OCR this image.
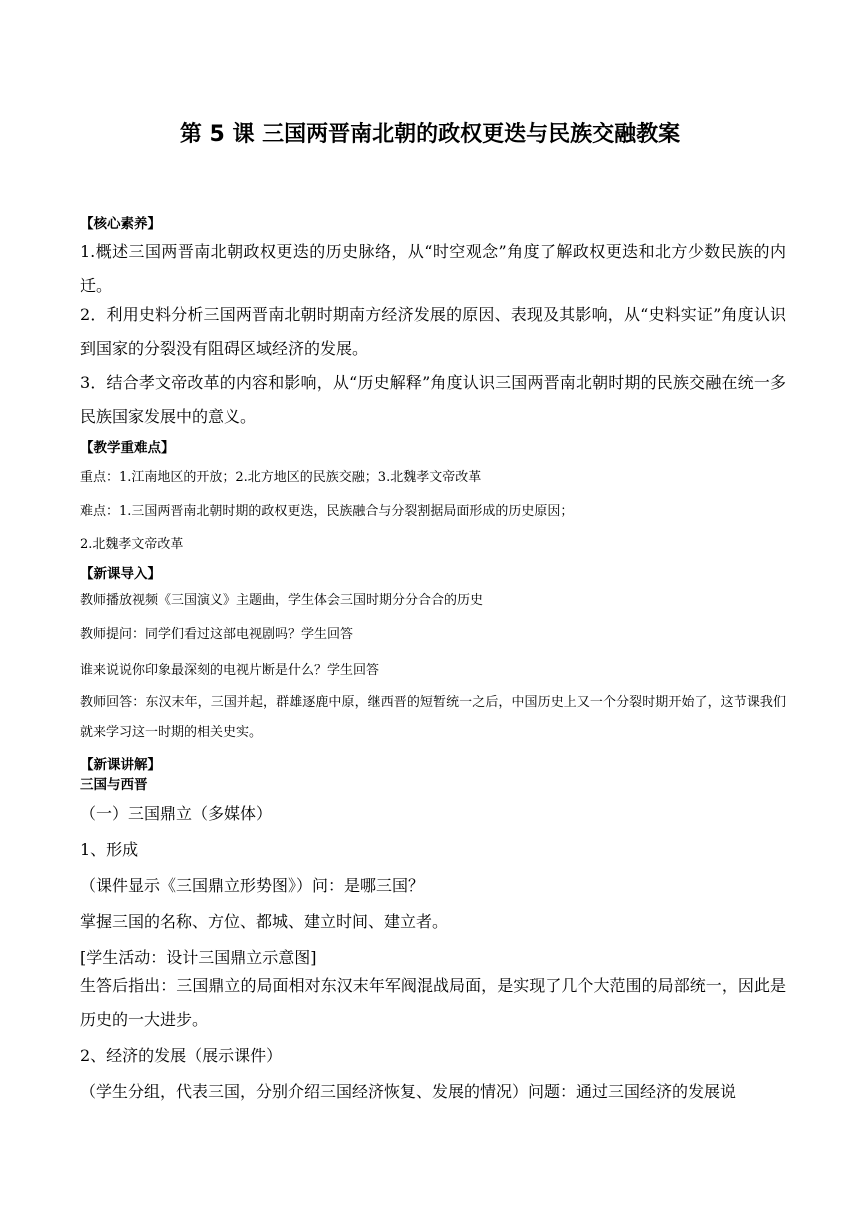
第 5 课 三国两晋南北朝的政权更迭与民族交融教案
【核心素养】

1.概述三国两晋南北朝政权更迭的历史脉络，从“时空观念”角度了解政权更迭和北方少数民族的内迁。

2．利用史料分析三国两晋南北朝时期南方经济发展的原因、表现及其影响，从“史料实证”角度认识到国家的分裂没有阻碍区域经济的发展。

3．结合孝文帝改革的内容和影响，从“历史解释”角度认识三国两晋南北朝时期的民族交融在统一多民族国家发展中的意义。

【教学重难点】

重点：1.江南地区的开放；2.北方地区的民族交融；3.北魏孝文帝改革

难点：1.三国两晋南北朝时期的政权更迭，民族融合与分裂割据局面形成的历史原因；

2.北魏孝文帝改革

【新课导入】

教师播放视频《三国演义》主题曲，学生体会三国时期分分合合的历史

教师提问：同学们看过这部电视剧吗？学生回答

谁来说说你印象最深刻的电视片断是什么？学生回答

教师回答：东汉末年，三国并起，群雄逐鹿中原，继西晋的短暂统一之后，中国历史上又一个分裂时期开始了，这节课我们就来学习这一时期的相关史实。

【新课讲解】
三国与西晋

（一）三国鼎立（多媒体）

1、形成

（课件显示《三国鼎立形势图》）问：是哪三国？

掌握三国的名称、方位、都城、建立时间、建立者。

[学生活动：设计三国鼎立示意图]

生答后指出：三国鼎立的局面相对东汉末年军阀混战局面，是实现了几个大范围的局部统一，因此是历史的一大进步。

2、经济的发展（展示课件）

（学生分组，代表三国，分别介绍三国经济恢复、发展的情况）问题：通过三国经济的发展说
